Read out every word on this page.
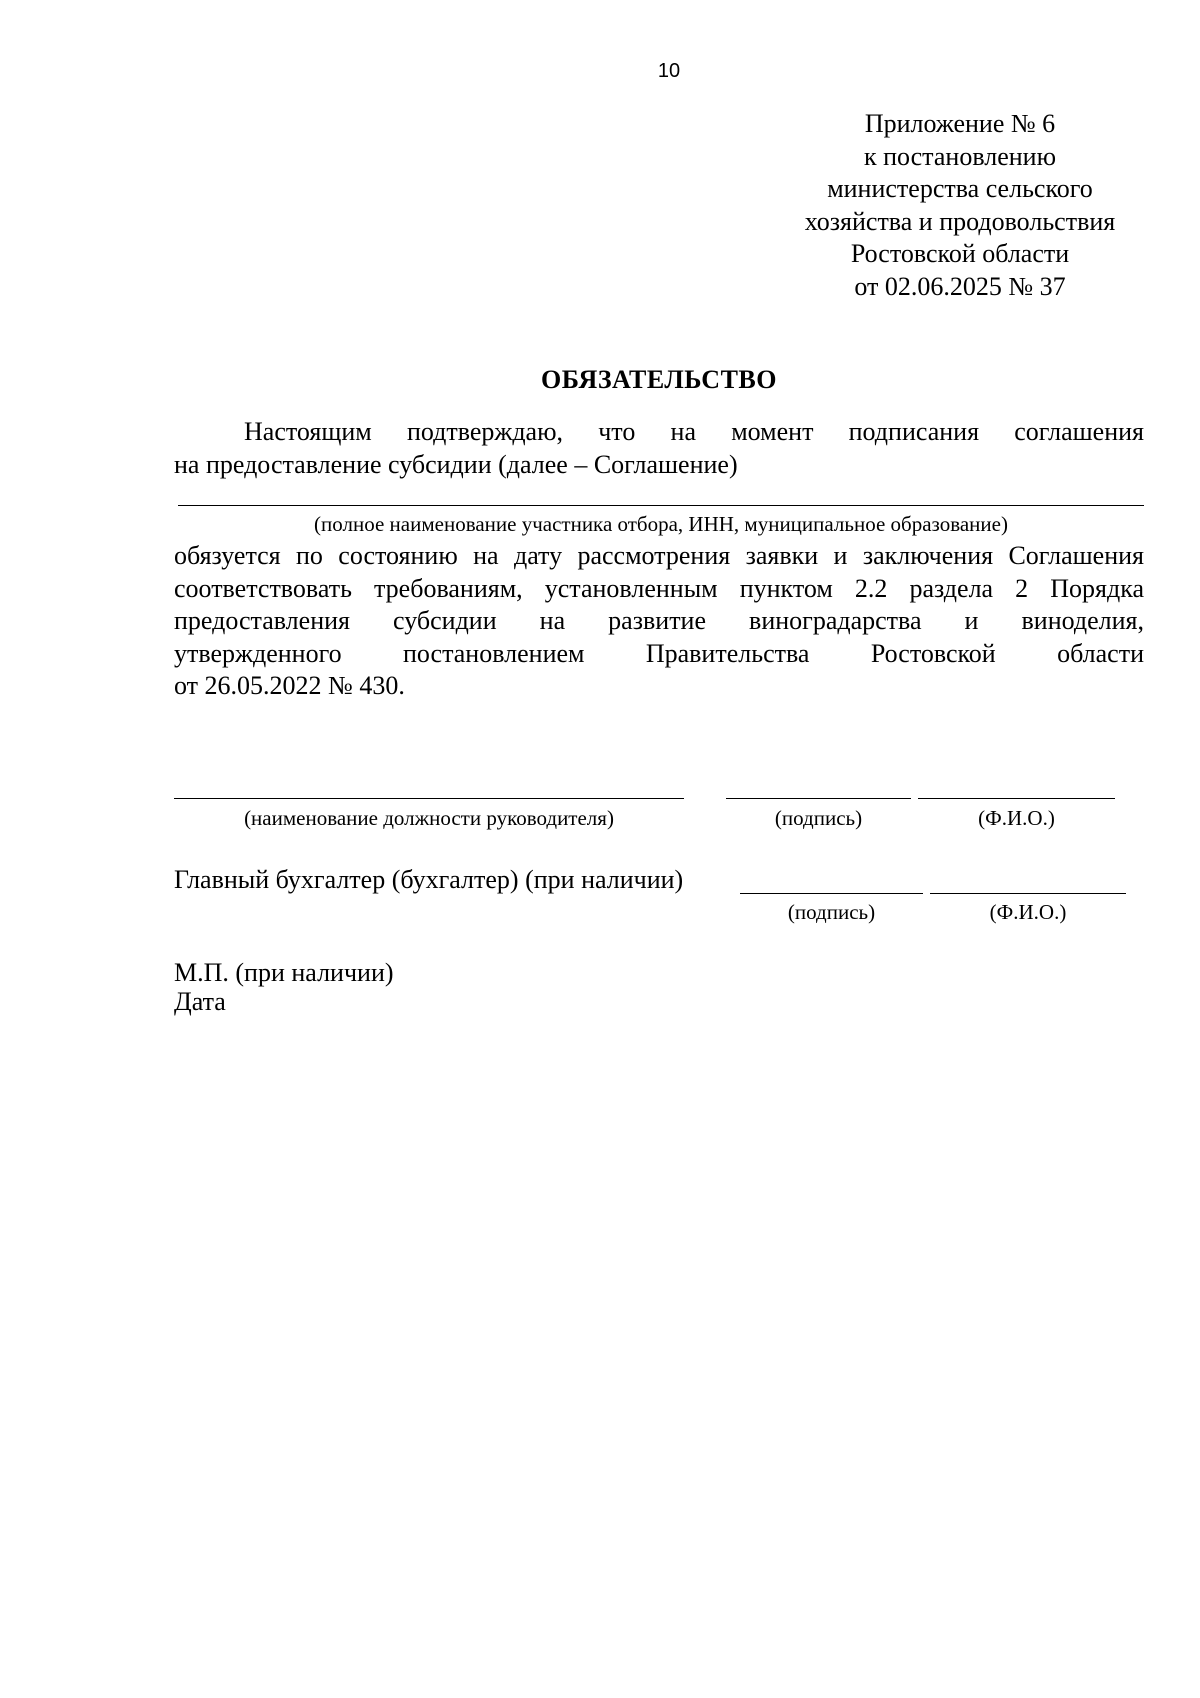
10
Приложение № 6
к постановлению
министерства сельского
хозяйства и продовольствия
Ростовской области
от 02.06.2025 № 37
ОБЯЗАТЕЛЬСТВО
Настоящим подтверждаю, что на момент подписания соглашения
на предоставление субсидии (далее – Соглашение)
(полное наименование участника отбора, ИНН, муниципальное образование)
обязуется по состоянию на дату рассмотрения заявки и заключения Соглашения
соответствовать требованиям, установленным пунктом 2.2 раздела 2 Порядка
предоставления субсидии на развитие виноградарства и виноделия,
утвержденного постановлением Правительства Ростовской области
от 26.05.2022 № 430.
(наименование должности руководителя)	(подпись)	(Ф.И.О.)
Главный бухгалтер (бухгалтер) (при наличии)
(подпись)	(Ф.И.О.)
М.П. (при наличии)
Дата
